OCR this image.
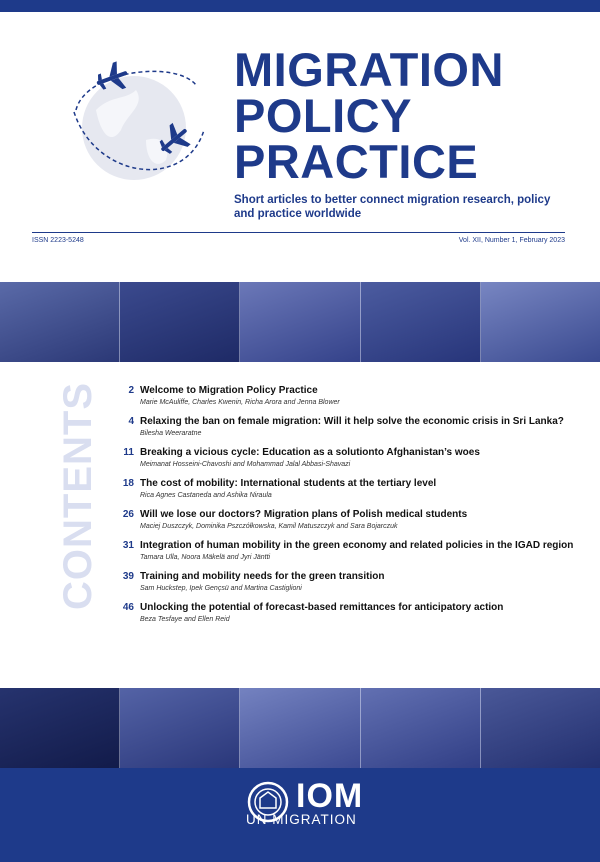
MIGRATION
POLICY
PRACTICE
Short articles to better connect migration research, policy and practice worldwide
ISSN 2223-5248	Vol. XII, Number 1, February 2023
CONTENTS	2 Welcome to Migration Policy Practice
Marie McAuliffe, Charles Kwenin, Richa Arora and Jenna Blower
4 Relaxing the ban on female migration: Will it help solve the economic crisis in Sri Lanka?
Bilesha Weeraratne
11 Breaking a vicious cycle: Education as a solutionto Afghanistan’s woes
Meimanat Hosseini-Chavoshi and Mohammad Jalal Abbasi-Shavazi
18 The cost of mobility: International students at the tertiary level
Rica Agnes Castaneda and Ashika Niraula
26 Will we lose our doctors? Migration plans of Polish medical students
Maciej Duszczyk, Dominika Pszczółkowska, Kamil Matuszczyk and Sara Bojarczuk
31 Integration of human mobility in the green economy and related policies in the IGAD region
Tamara Ulla, Noora Mäkelä and Jyri Jäntti
39 Training and mobility needs for the green transition
Sam Huckstep, Ipek Gençsü and Martina Castiglioni
46 Unlocking the potential of forecast-based remittances for anticipatory action
Beza Tesfaye and Ellen Reid
IOM
UN MIGRATION
